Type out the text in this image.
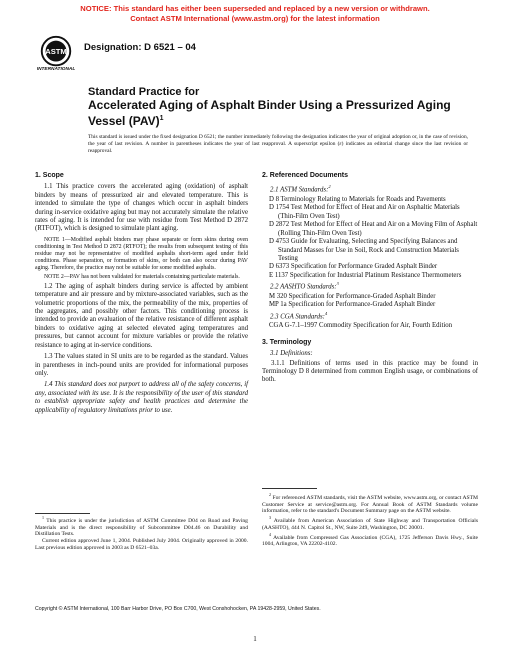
NOTICE: This standard has either been superseded and replaced by a new version or withdrawn.
Contact ASTM International (www.astm.org) for the latest information
ASTM
INTERNATIONAL
Designation: D 6521 – 04
Standard Practice for
Accelerated Aging of Asphalt Binder Using a Pressurized Aging Vessel (PAV)$^1$
This standard is issued under the fixed designation D 6521; the number immediately following the designation indicates the year of original adoption or, in the case of revision, the year of last revision. A number in parentheses indicates the year of last reapproval. A superscript epsilon (ε) indicates an editorial change since the last revision or reapproval.
1. Scope

1.1 This practice covers the accelerated aging (oxidation) of asphalt binders by means of pressurized air and elevated temperature. This is intended to simulate the type of changes which occur in asphalt binders during in-service oxidative aging but may not accurately simulate the relative rates of aging. It is intended for use with residue from Test Method D 2872 (RTFOT), which is designed to simulate plant aging.

NOTE 1—Modified asphalt binders may phase separate or form skins during oven conditioning in Test Method D 2872 (RTFOT); the results from subsequent testing of this residue may not be representative of modified asphalts short-term aged under field conditions. Phase separation, or formation of skins, or both can also occur during PAV aging. Therefore, the practice may not be suitable for some modified asphalts.

NOTE 2—PAV has not been validated for materials containing particulate materials.

1.2 The aging of asphalt binders during service is affected by ambient temperature and air pressure and by mixture-associated variables, such as the volumetric proportions of the mix, the permeability of the mix, properties of the aggregates, and possibly other factors. This conditioning process is intended to provide an evaluation of the relative resistance of different asphalt binders to oxidative aging at selected elevated aging temperatures and pressures, but cannot account for mixture variables or provide the relative resistance to aging at in-service conditions.

1.3 The values stated in SI units are to be regarded as the standard. Values in parentheses in inch-pound units are provided for informational purposes only.

1.4 This standard does not purport to address all of the safety concerns, if any, associated with its use. It is the responsibility of the user of this standard to establish appropriate safety and health practices and determine the applicability of regulatory limitations prior to use.

$^1$ This practice is under the jurisdiction of ASTM Committee D04 on Road and Paving Materials and is the direct responsibility of Subcommittee D04.46 on Durability and Distillation Tests.

Current edition approved June 1, 2004. Published July 2004. Originally approved in 2000. Last previous edition approved in 2003 as D 6521–03a.

2. Referenced Documents
2.1 ASTM Standards:$^2$
D 8 Terminology Relating to Materials for Roads and Pavements
D 1754 Test Method for Effect of Heat and Air on Asphaltic Materials (Thin-Film Oven Test)
D 2872 Test Method for Effect of Heat and Air on a Moving Film of Asphalt (Rolling Thin-Film Oven Test)
D 4753 Guide for Evaluating, Selecting and Specifying Balances and Standard Masses for Use in Soil, Rock and Construction Materials Testing
D 6373 Specification for Performance Graded Asphalt Binder
E 1137 Specification for Industrial Platinum Resistance Thermometers
2.2 AASHTO Standards:$^3$
M 320 Specification for Performance-Graded Asphalt Binder
MP 1a Specification for Performance-Graded Asphalt Binder
2.3 CGA Standards:$^4$
CGA G-7.1–1997 Commodity Specification for Air, Fourth Edition
3. Terminology
3.1 Definitions:

3.1.1 Definitions of terms used in this practice may be found in Terminology D 8 determined from common English usage, or combinations of both.

$^2$ For referenced ASTM standards, visit the ASTM website, www.astm.org, or contact ASTM Customer Service at service@astm.org. For Annual Book of ASTM Standards volume information, refer to the standard's Document Summary page on the ASTM website.

$^3$ Available from American Association of State Highway and Transportation Officials (AASHTO), 444 N. Capitol St., NW, Suite 249, Washington, DC 20001.

$^4$ Available from Compressed Gas Association (CGA), 1725 Jefferson Davis Hwy., Suite 1004, Arlington, VA 22202-4102.

Copyright © ASTM International, 100 Barr Harbor Drive, PO Box C700, West Conshohocken, PA 19428-2959, United States.
1
